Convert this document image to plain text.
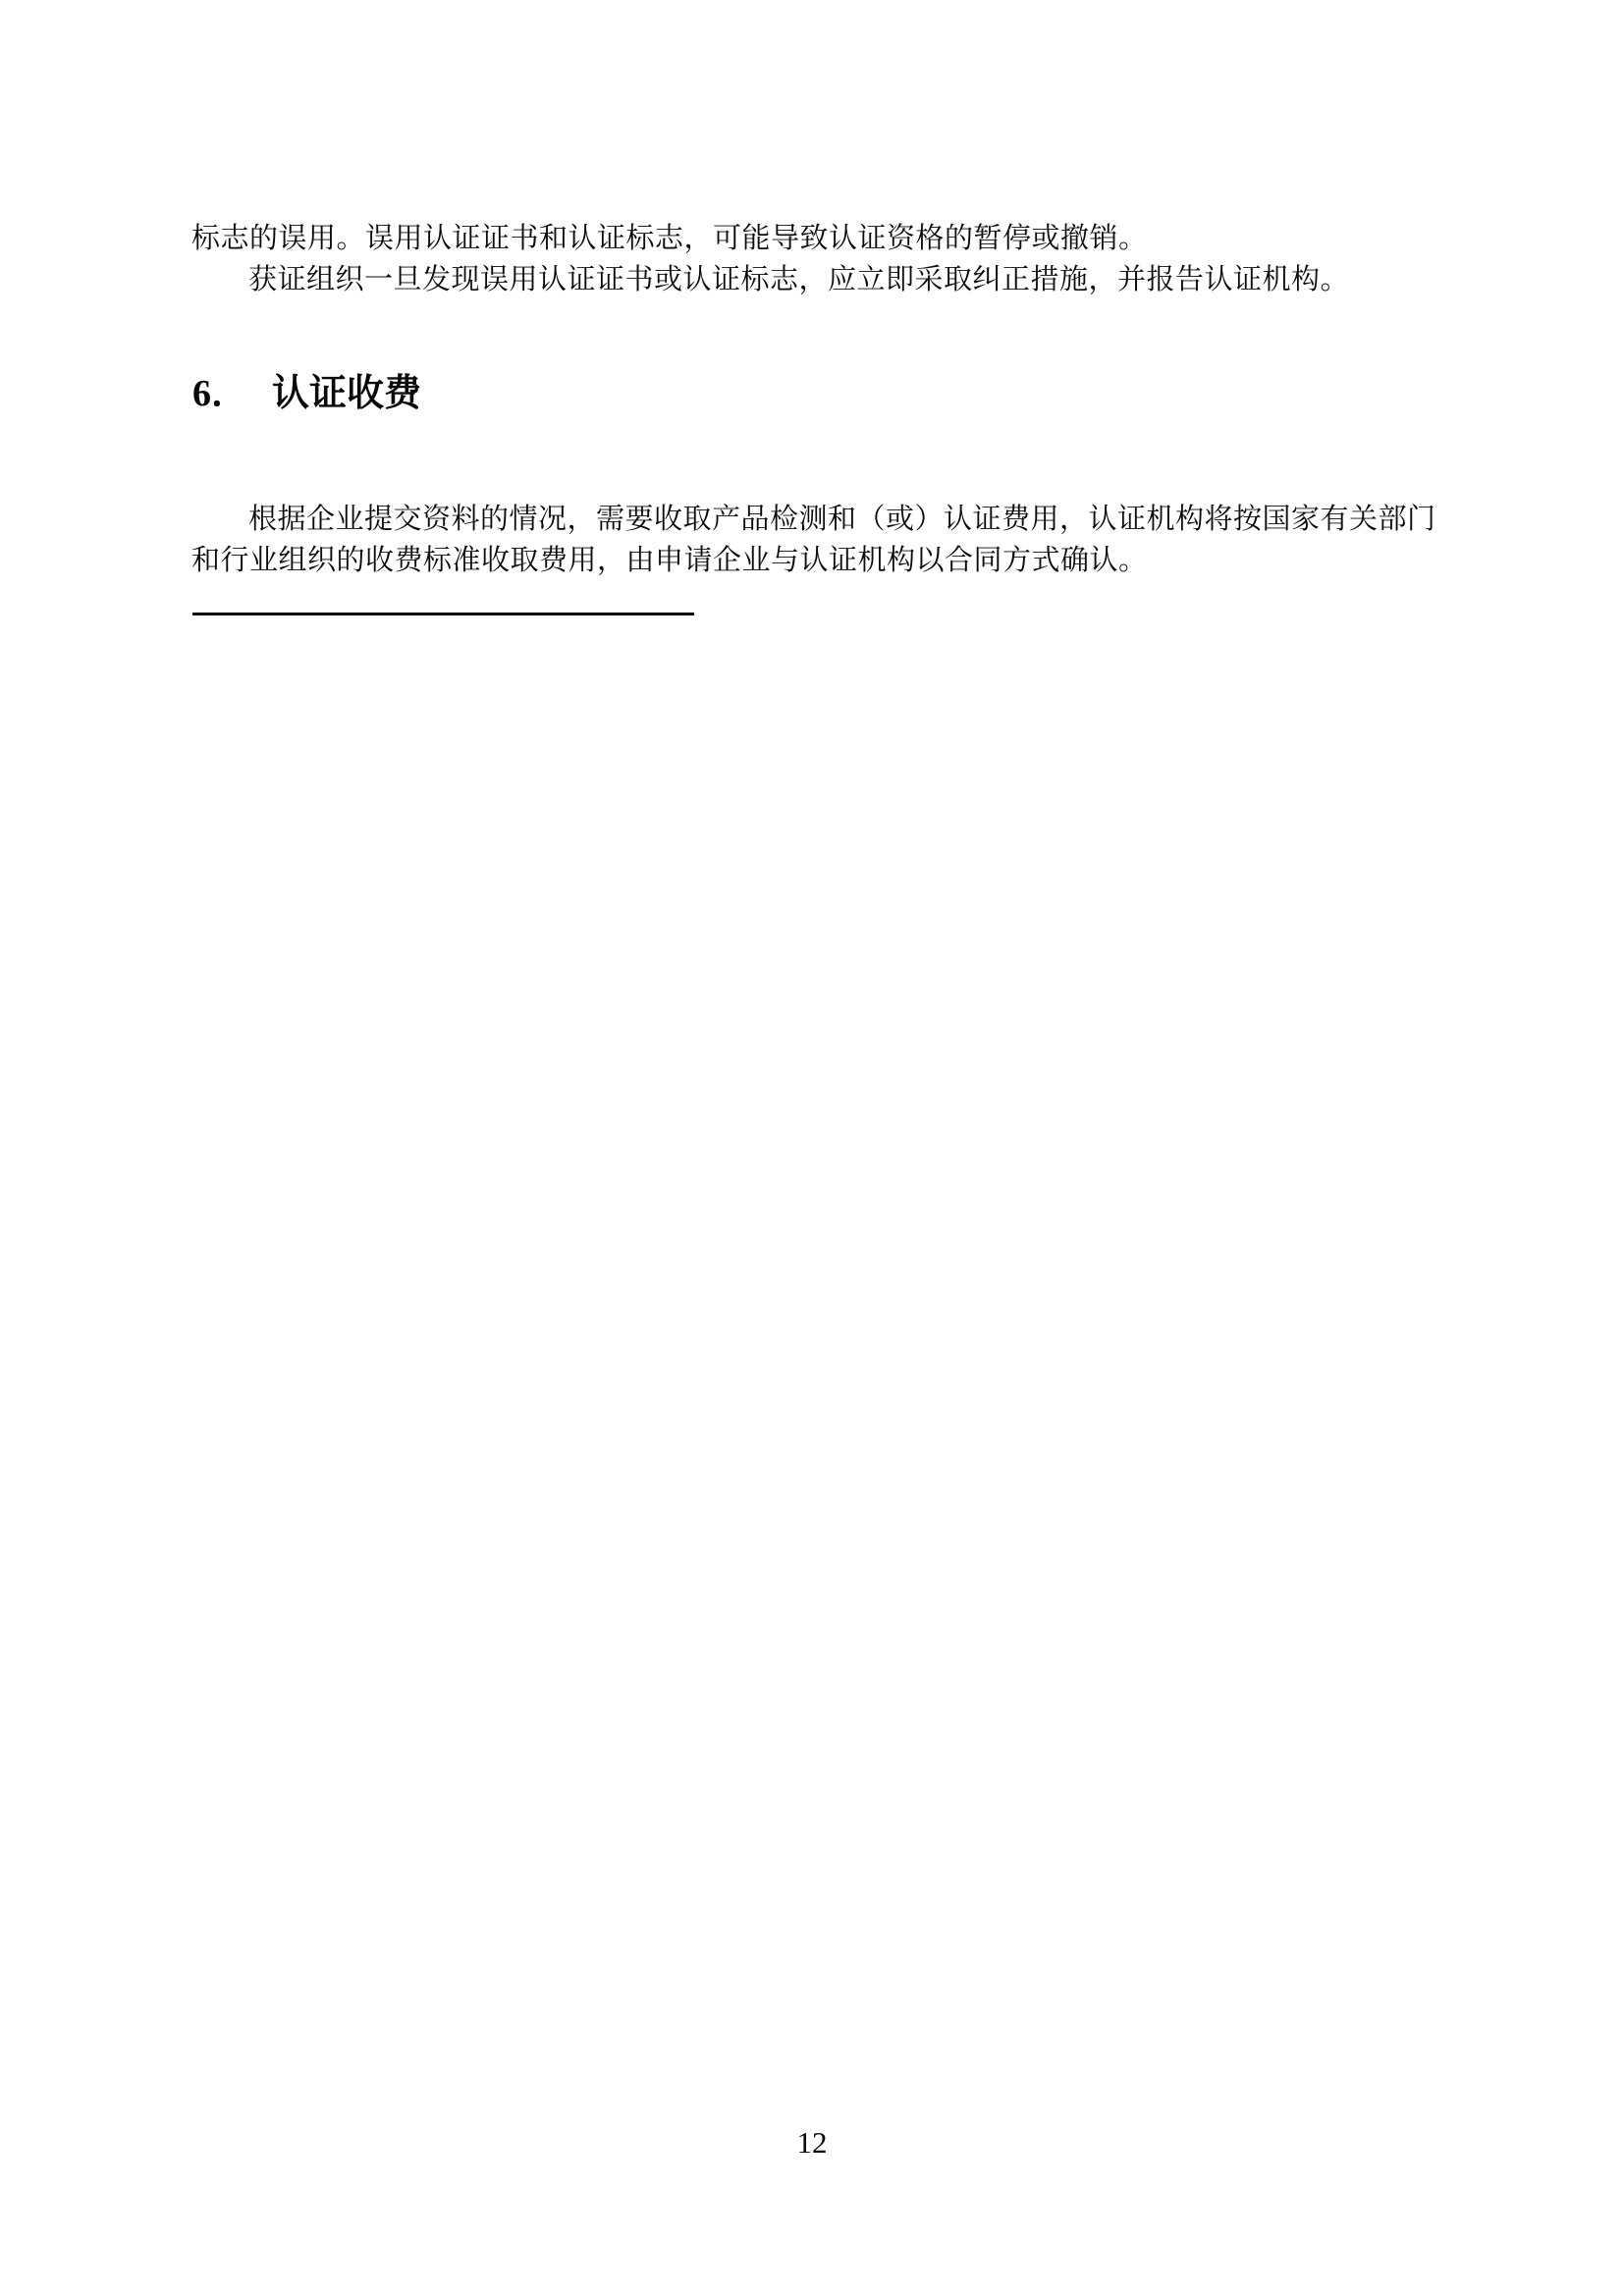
标志的误用。误用认证证书和认证标志，可能导致认证资格的暂停或撤销。

获证组织一旦发现误用认证证书或认证标志，应立即采取纠正措施，并报告认证机构。

6． 认证收费

根据企业提交资料的情况，需要收取产品检测和（或）认证费用，认证机构将按国家有关部门

和行业组织的收费标准收取费用，由申请企业与认证机构以合同方式确认。

12
